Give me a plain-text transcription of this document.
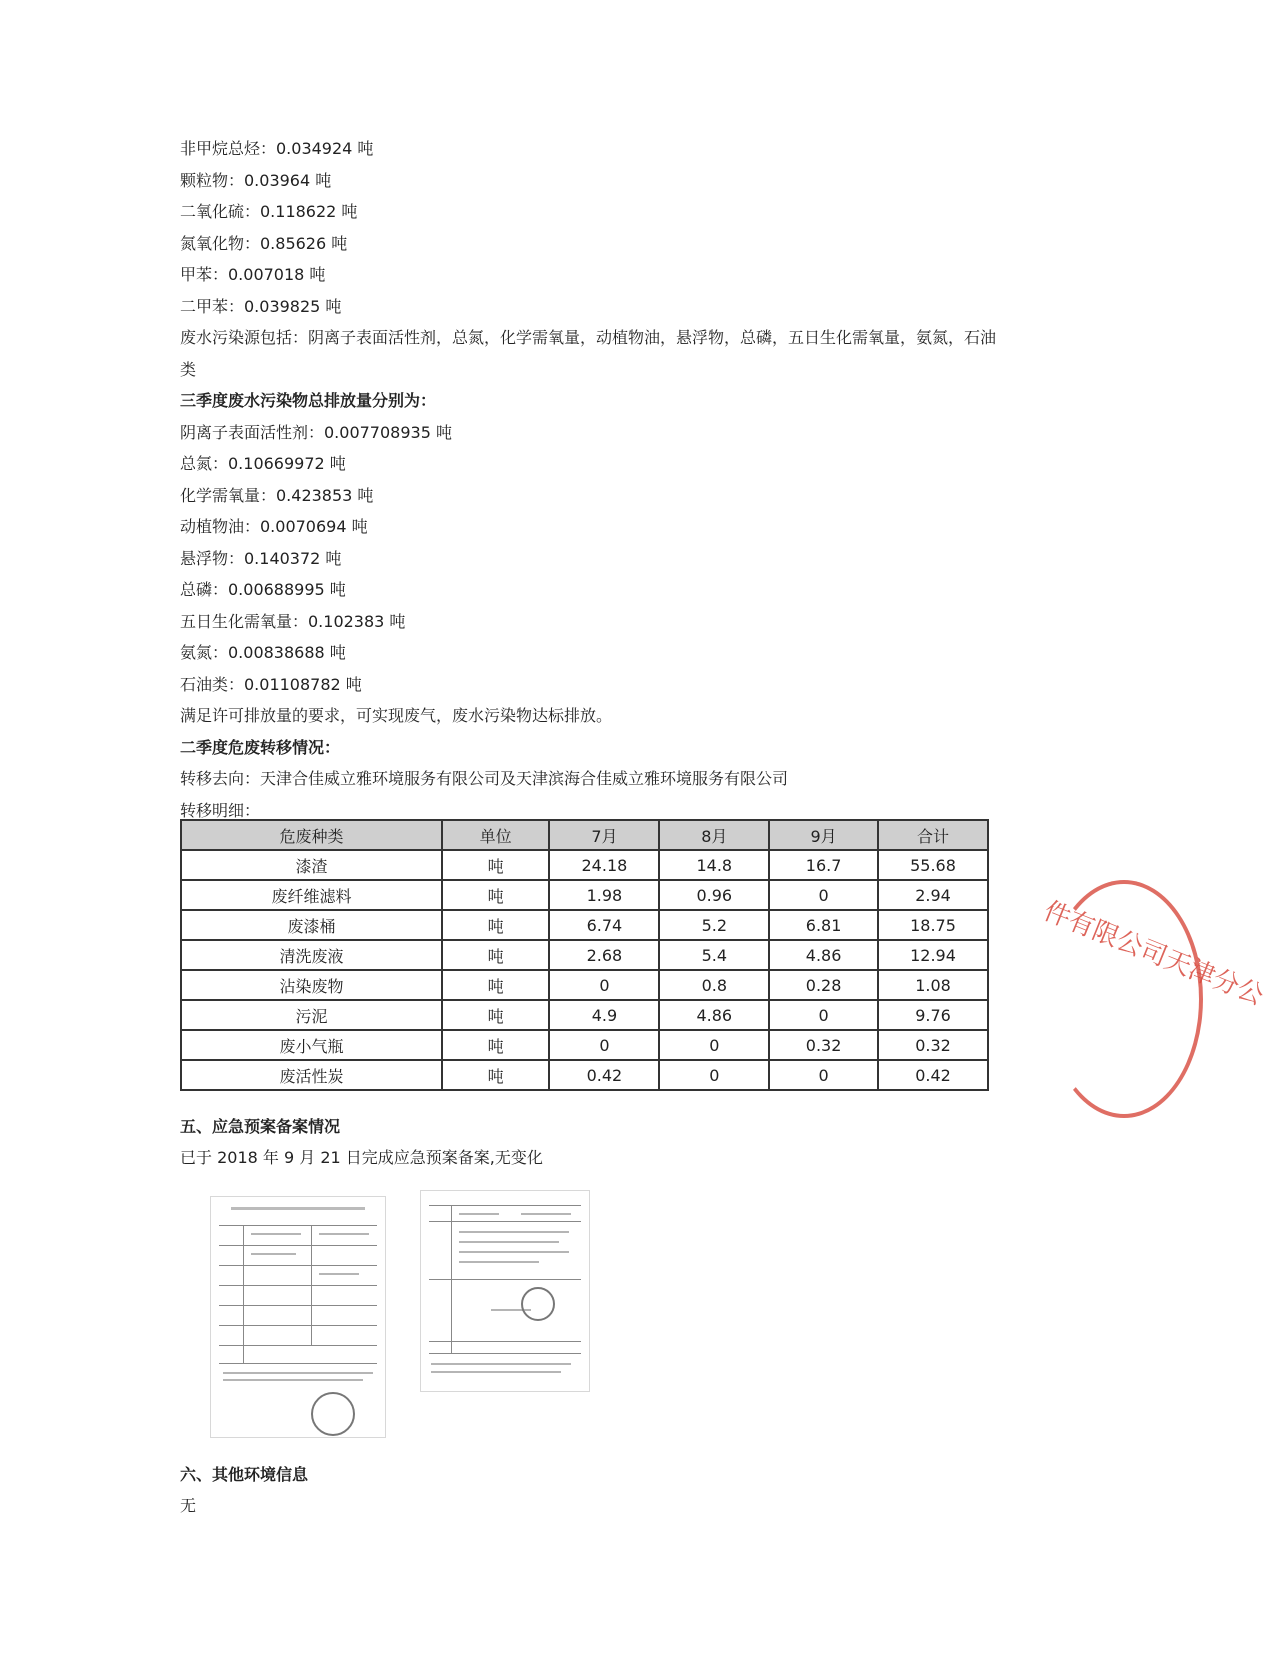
非甲烷总烃：0.034924 吨
颗粒物：0.03964 吨
二氧化硫：0.118622 吨
氮氧化物：0.85626 吨
甲苯：0.007018 吨
二甲苯：0.039825 吨
废水污染源包括：阴离子表面活性剂，总氮，化学需氧量，动植物油，悬浮物，总磷，五日生化需氧量，氨氮，石油类
三季度废水污染物总排放量分别为：
阴离子表面活性剂：0.007708935 吨
总氮：0.10669972 吨
化学需氧量：0.423853 吨
动植物油：0.0070694 吨
悬浮物：0.140372 吨
总磷：0.00688995 吨
五日生化需氧量：0.102383 吨
氨氮：0.00838688 吨
石油类：0.01108782 吨
满足许可排放量的要求，可实现废气，废水污染物达标排放。
二季度危废转移情况：
转移去向：天津合佳威立雅环境服务有限公司及天津滨海合佳威立雅环境服务有限公司
转移明细：
危废种类	单位	7月	8月	9月	合计
漆渣	吨	24.18	14.8	16.7	55.68
废纤维滤料	吨	1.98	0.96	0	2.94
废漆桶	吨	6.74	5.2	6.81	18.75
清洗废液	吨	2.68	5.4	4.86	12.94
沾染废物	吨	0	0.8	0.28	1.08
污泥	吨	4.9	4.86	0	9.76
废小气瓶	吨	0	0	0.32	0.32
废活性炭	吨	0.42	0	0	0.42
五、应急预案备案情况
已于 2018 年 9 月 21 日完成应急预案备案,无变化
六、其他环境信息
无
件有限公司天津分公
